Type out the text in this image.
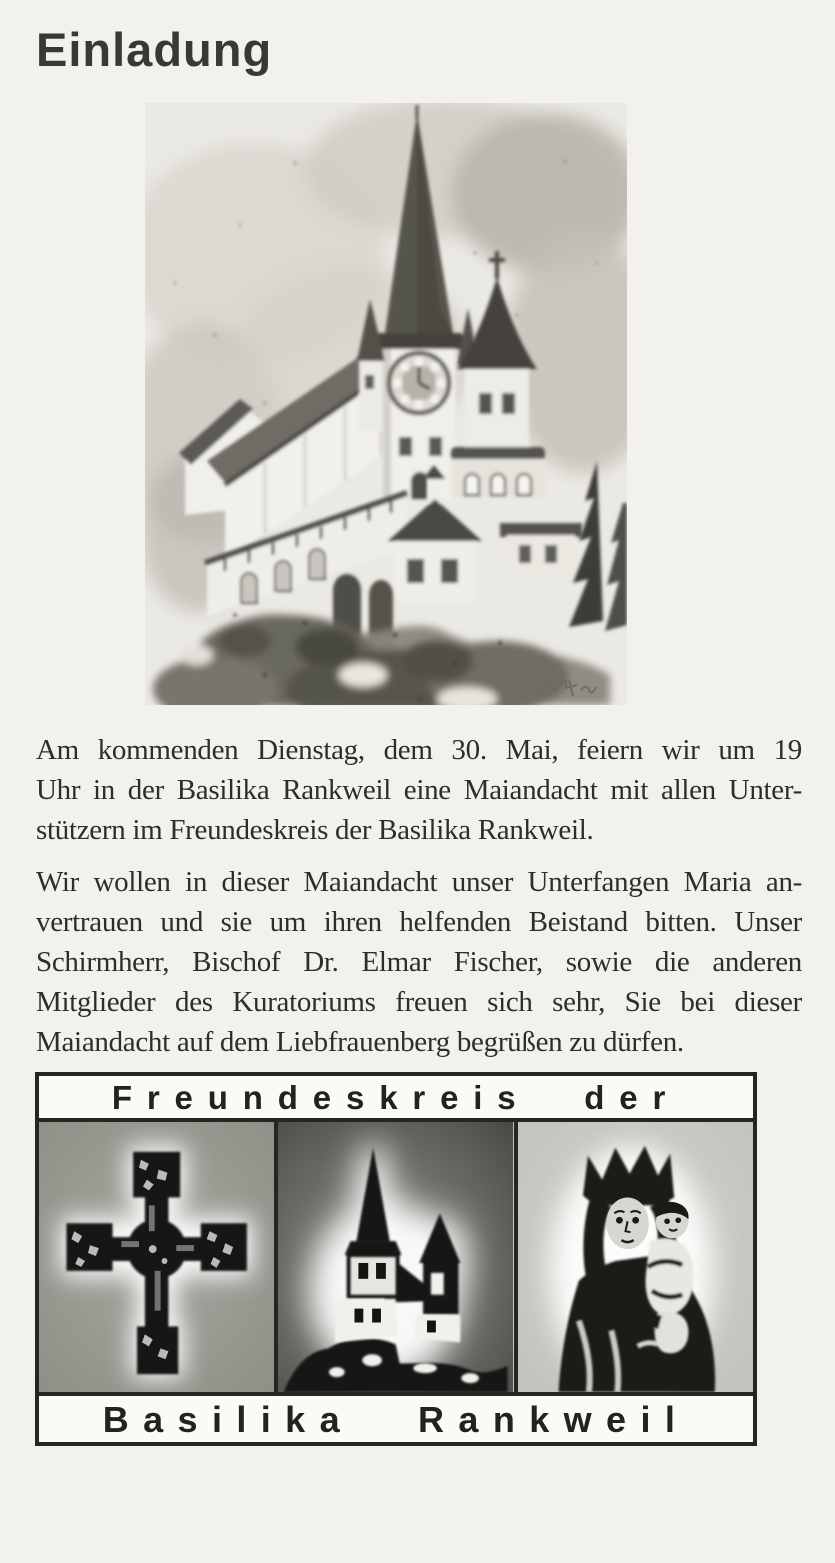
Einladung
Am kommenden Dienstag, dem 30. Mai, feiern wir um 19
Uhr in der Basilika Rankweil eine Maiandacht mit allen Unter-
stützern im Freundeskreis der Basilika Rankweil.
Wir wollen in dieser Maiandacht unser Unterfangen Maria an-
vertrauen und sie um ihren helfenden Beistand bitten. Unser
Schirmherr, Bischof Dr. Elmar Fischer, sowie die anderen
Mitglieder des Kuratoriums freuen sich sehr, Sie bei dieser
Maiandacht auf dem Liebfrauenberg begrüßen zu dürfen.
Freundeskreis der
Basilika Rankweil
